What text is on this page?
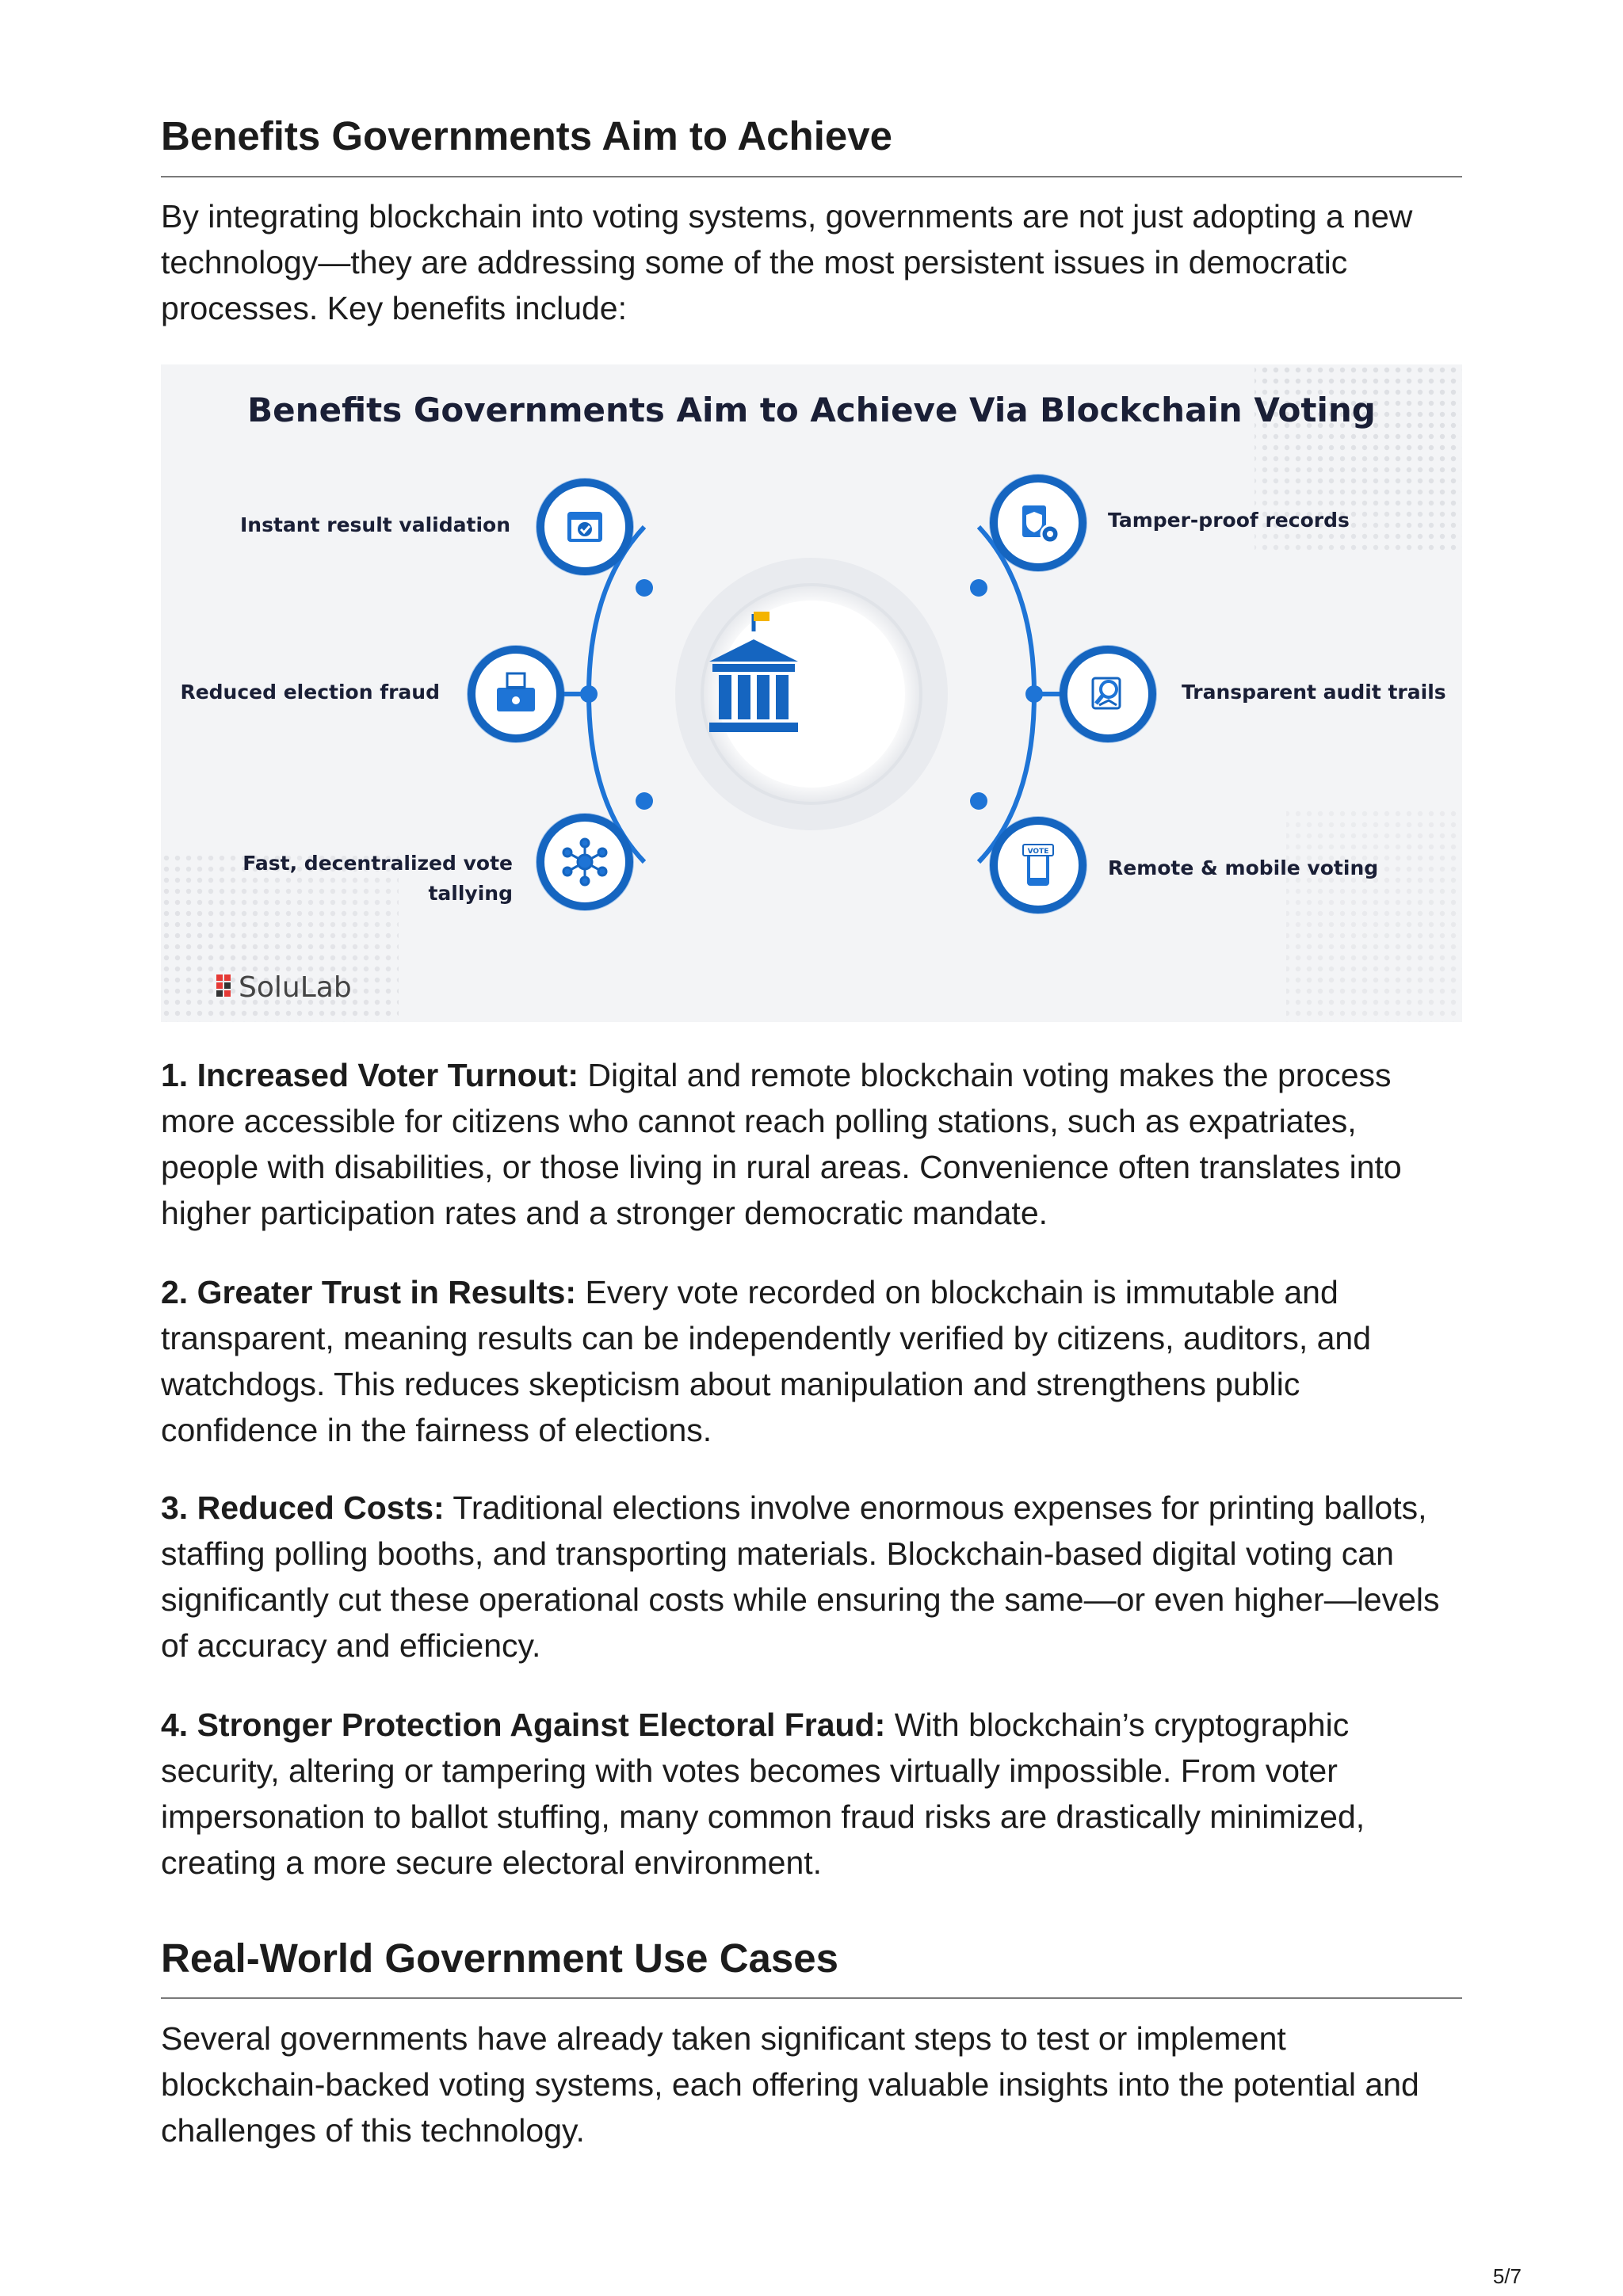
Benefits Governments Aim to Achieve

By integrating blockchain into voting systems, governments are not just adopting a new
technology—they are addressing some of the most persistent issues in democratic
processes. Key benefits include:

Benefits Governments Aim to Achieve Via Blockchain Voting
Instant result validation
Reduced election fraud
Fast, decentralized vote
tallying
Tamper-proof records
Transparent audit trails
VOTE
Remote & mobile voting
SoluLab

1. Increased Voter Turnout: Digital and remote blockchain voting makes the process
more accessible for citizens who cannot reach polling stations, such as expatriates,
people with disabilities, or those living in rural areas. Convenience often translates into
higher participation rates and a stronger democratic mandate.

2. Greater Trust in Results: Every vote recorded on blockchain is immutable and
transparent, meaning results can be independently verified by citizens, auditors, and
watchdogs. This reduces skepticism about manipulation and strengthens public
confidence in the fairness of elections.

3. Reduced Costs: Traditional elections involve enormous expenses for printing ballots,
staffing polling booths, and transporting materials. Blockchain-based digital voting can
significantly cut these operational costs while ensuring the same—or even higher—levels
of accuracy and efficiency.

4. Stronger Protection Against Electoral Fraud: With blockchain’s cryptographic
security, altering or tampering with votes becomes virtually impossible. From voter
impersonation to ballot stuffing, many common fraud risks are drastically minimized,
creating a more secure electoral environment.

Real-World Government Use Cases

Several governments have already taken significant steps to test or implement
blockchain-backed voting systems, each offering valuable insights into the potential and
challenges of this technology.

5/7
